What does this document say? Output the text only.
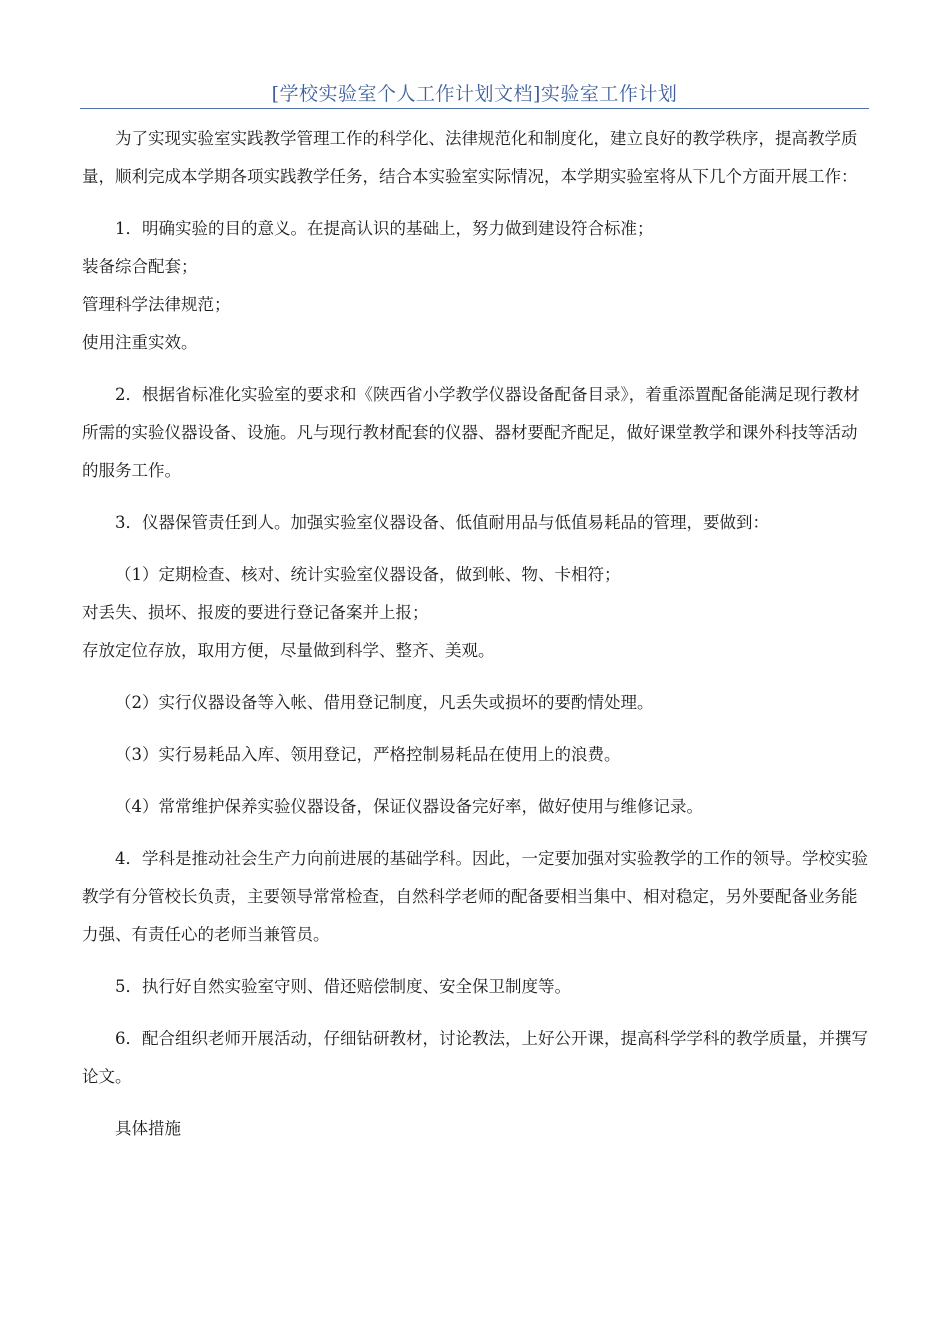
[学校实验室个人工作计划文档]实验室工作计划

为了实现实验室实践教学管理工作的科学化、法律规范化和制度化，建立良好的教学秩序，提高教学质量，顺利完成本学期各项实践教学任务，结合本实验室实际情况，本学期实验室将从下几个方面开展工作：

1．明确实验的目的意义。在提高认识的基础上，努力做到建设符合标准；

装备综合配套；

管理科学法律规范；

使用注重实效。

2．根据省标准化实验室的要求和《陕西省小学教学仪器设备配备目录》，着重添置配备能满足现行教材所需的实验仪器设备、设施。凡与现行教材配套的仪器、器材要配齐配足，做好课堂教学和课外科技等活动的服务工作。

3．仪器保管责任到人。加强实验室仪器设备、低值耐用品与低值易耗品的管理，要做到：

（1）定期检查、核对、统计实验室仪器设备，做到帐、物、卡相符；

对丢失、损坏、报废的要进行登记备案并上报；

存放定位存放，取用方便，尽量做到科学、整齐、美观。

（2）实行仪器设备等入帐、借用登记制度，凡丢失或损坏的要酌情处理。

（3）实行易耗品入库、领用登记，严格控制易耗品在使用上的浪费。

（4）常常维护保养实验仪器设备，保证仪器设备完好率，做好使用与维修记录。

4．学科是推动社会生产力向前进展的基础学科。因此，一定要加强对实验教学的工作的领导。学校实验教学有分管校长负责，主要领导常常检查，自然科学老师的配备要相当集中、相对稳定，另外要配备业务能力强、有责任心的老师当兼管员。

5．执行好自然实验室守则、借还赔偿制度、安全保卫制度等。

6．配合组织老师开展活动，仔细钻研教材，讨论教法，上好公开课，提高科学学科的教学质量，并撰写论文。

具体措施
